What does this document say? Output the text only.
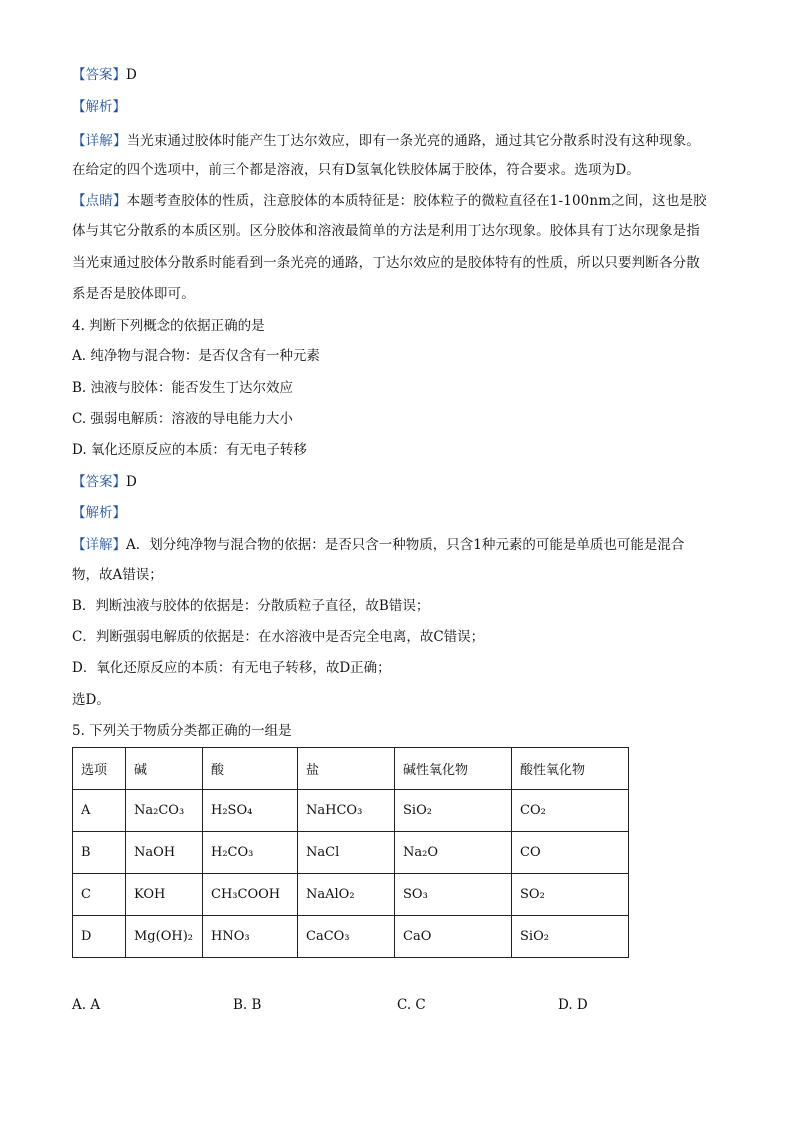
【答案】D
【解析】
【详解】当光束通过胶体时能产生丁达尔效应，即有一条光亮的通路，通过其它分散系时没有这种现象。
在给定的四个选项中，前三个都是溶液，只有D氢氧化铁胶体属于胶体，符合要求。选项为D。
【点睛】本题考查胶体的性质，注意胶体的本质特征是：胶体粒子的微粒直径在1-100nm之间，这也是胶
体与其它分散系的本质区别。区分胶体和溶液最简单的方法是利用丁达尔现象。胶体具有丁达尔现象是指
当光束通过胶体分散系时能看到一条光亮的通路，丁达尔效应的是胶体特有的性质，所以只要判断各分散
系是否是胶体即可。
4. 判断下列概念的依据正确的是
A. 纯净物与混合物：是否仅含有一种元素
B. 浊液与胶体：能否发生丁达尔效应
C. 强弱电解质：溶液的导电能力大小
D. 氧化还原反应的本质：有无电子转移
【答案】D
【解析】
【详解】A．划分纯净物与混合物的依据：是否只含一种物质，只含1种元素的可能是单质也可能是混合
物，故A错误；
B．判断浊液与胶体的依据是：分散质粒子直径，故B错误；
C．判断强弱电解质的依据是：在水溶液中是否完全电离，故C错误；
D．氧化还原反应的本质：有无电子转移，故D正确；
选D。
5. 下列关于物质分类都正确的一组是
选项	碱	酸	盐	碱性氧化物	酸性氧化物
A	Na₂CO₃	H₂SO₄	NaHCO₃	SiO₂	CO₂
B	NaOH	H₂CO₃	NaCl	Na₂O	CO
C	KOH	CH₃COOH	NaAlO₂	SO₃	SO₂
D	Mg(OH)₂	HNO₃	CaCO₃	CaO	SiO₂
A. A	B. B	C. C	D. D
